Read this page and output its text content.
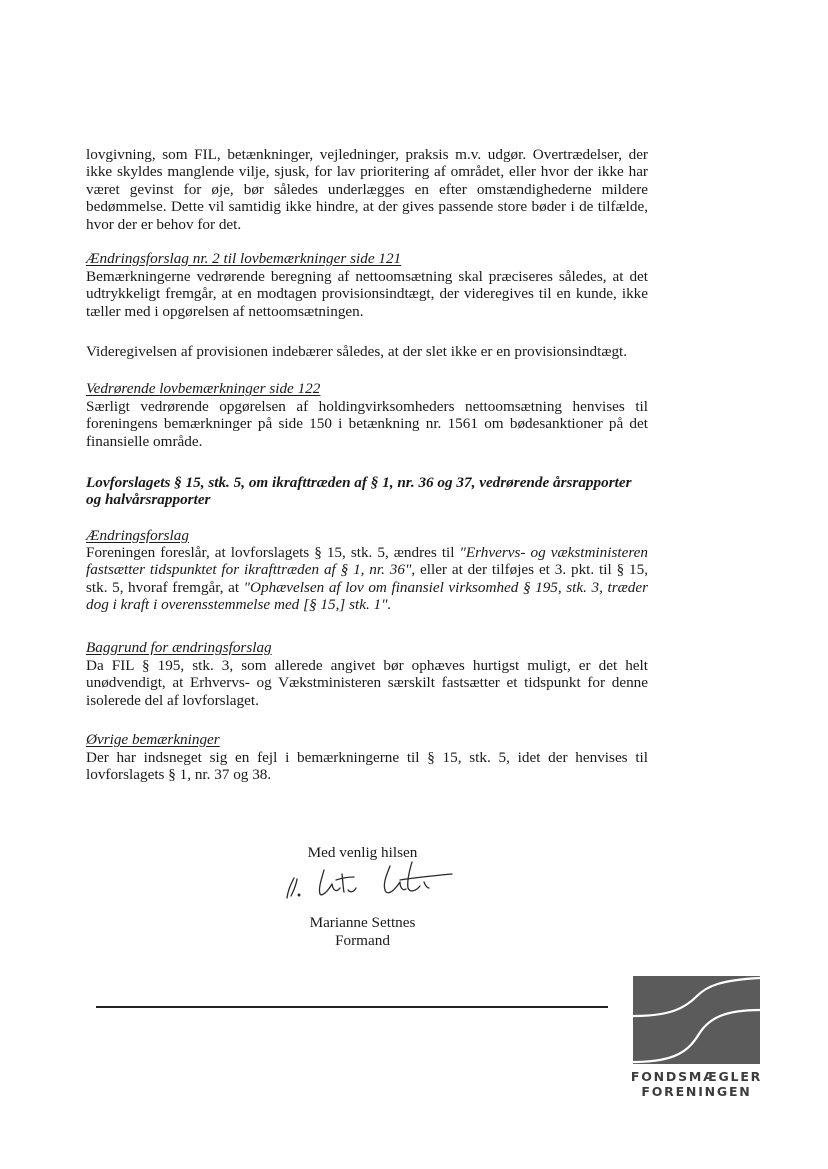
lovgivning, som FIL, betænkninger, vejledninger, praksis m.v. udgør. Overtrædelser, der ikke skyldes manglende vilje, sjusk, for lav prioritering af området, eller hvor der ikke har været gevinst for øje, bør således underlægges en efter omstændighederne mildere bedømmelse. Dette vil samtidig ikke hindre, at der gives passende store bøder i de tilfælde, hvor der er behov for det.

Ændringsforslag nr. 2 til lovbemærkninger side 121

Bemærkningerne vedrørende beregning af nettoomsætning skal præciseres således, at det udtrykkeligt fremgår, at en modtagen provisionsindtægt, der videregives til en kunde, ikke tæller med i opgørelsen af nettoomsætningen.

Videregivelsen af provisionen indebærer således, at der slet ikke er en provisionsindtægt.

Vedrørende lovbemærkninger side 122

Særligt vedrørende opgørelsen af holdingvirksomheders nettoomsætning henvises til foreningens bemærkninger på side 150 i betænkning nr. 1561 om bødesanktioner på det finansielle område.

Lovforslagets § 15, stk. 5, om ikrafttræden af § 1, nr. 36 og 37, vedrørende årsrapporter og halvårsrapporter

Ændringsforslag

Foreningen foreslår, at lovforslagets § 15, stk. 5, ændres til "Erhvervs- og vækstministeren fastsætter tidspunktet for ikrafttræden af § 1, nr. 36", eller at der tilføjes et 3. pkt. til § 15, stk. 5, hvoraf fremgår, at "Ophævelsen af lov om finansiel virksomhed § 195, stk. 3, træder dog i kraft i overensstemmelse med [§ 15,] stk. 1".

Baggrund for ændringsforslag

Da FIL § 195, stk. 3, som allerede angivet bør ophæves hurtigst muligt, er det helt unødvendigt, at Erhvervs- og Vækstministeren særskilt fastsætter et tidspunkt for denne isolerede del af lovforslaget.

Øvrige bemærkninger

Der har indsneget sig en fejl i bemærkningerne til § 15, stk. 5, idet der henvises til lovforslagets § 1, nr. 37 og 38.

Med venlig hilsen
Marianne Settnes
Formand
FONDSMÆGLER
FORENINGEN
